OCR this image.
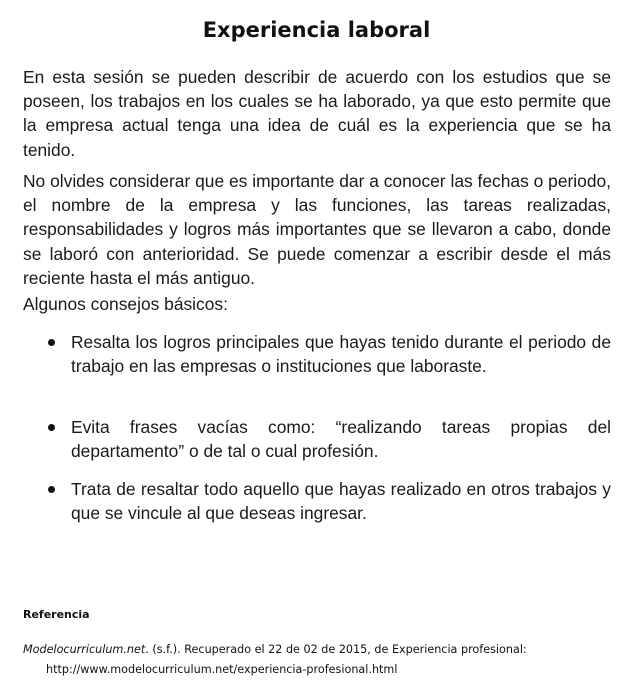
Experiencia laboral
En esta sesión se pueden describir de acuerdo con los estudios que se poseen, los trabajos en los cuales se ha laborado, ya que esto permite que la empresa actual tenga una idea de cuál es la experiencia que se ha tenido.
No olvides considerar que es importante dar a conocer las fechas o periodo, el nombre de la empresa y las funciones, las tareas realizadas, responsabilidades y logros más importantes que se llevaron a cabo, donde se laboró con anterioridad. Se puede comenzar a escribir desde el más reciente hasta el más antiguo.
Algunos consejos básicos:
Resalta los logros principales que hayas tenido durante el periodo de trabajo en las empresas o instituciones que laboraste.
Evita frases vacías como: “realizando tareas propias del departamento” o de tal o cual profesión.
Trata de resaltar todo aquello que hayas realizado en otros trabajos y que se vincule al que deseas ingresar.
Referencia
Modelocurriculum.net. (s.f.). Recuperado el 22 de 02 de 2015, de Experiencia profesional:
http://www.modelocurriculum.net/experiencia-profesional.html
